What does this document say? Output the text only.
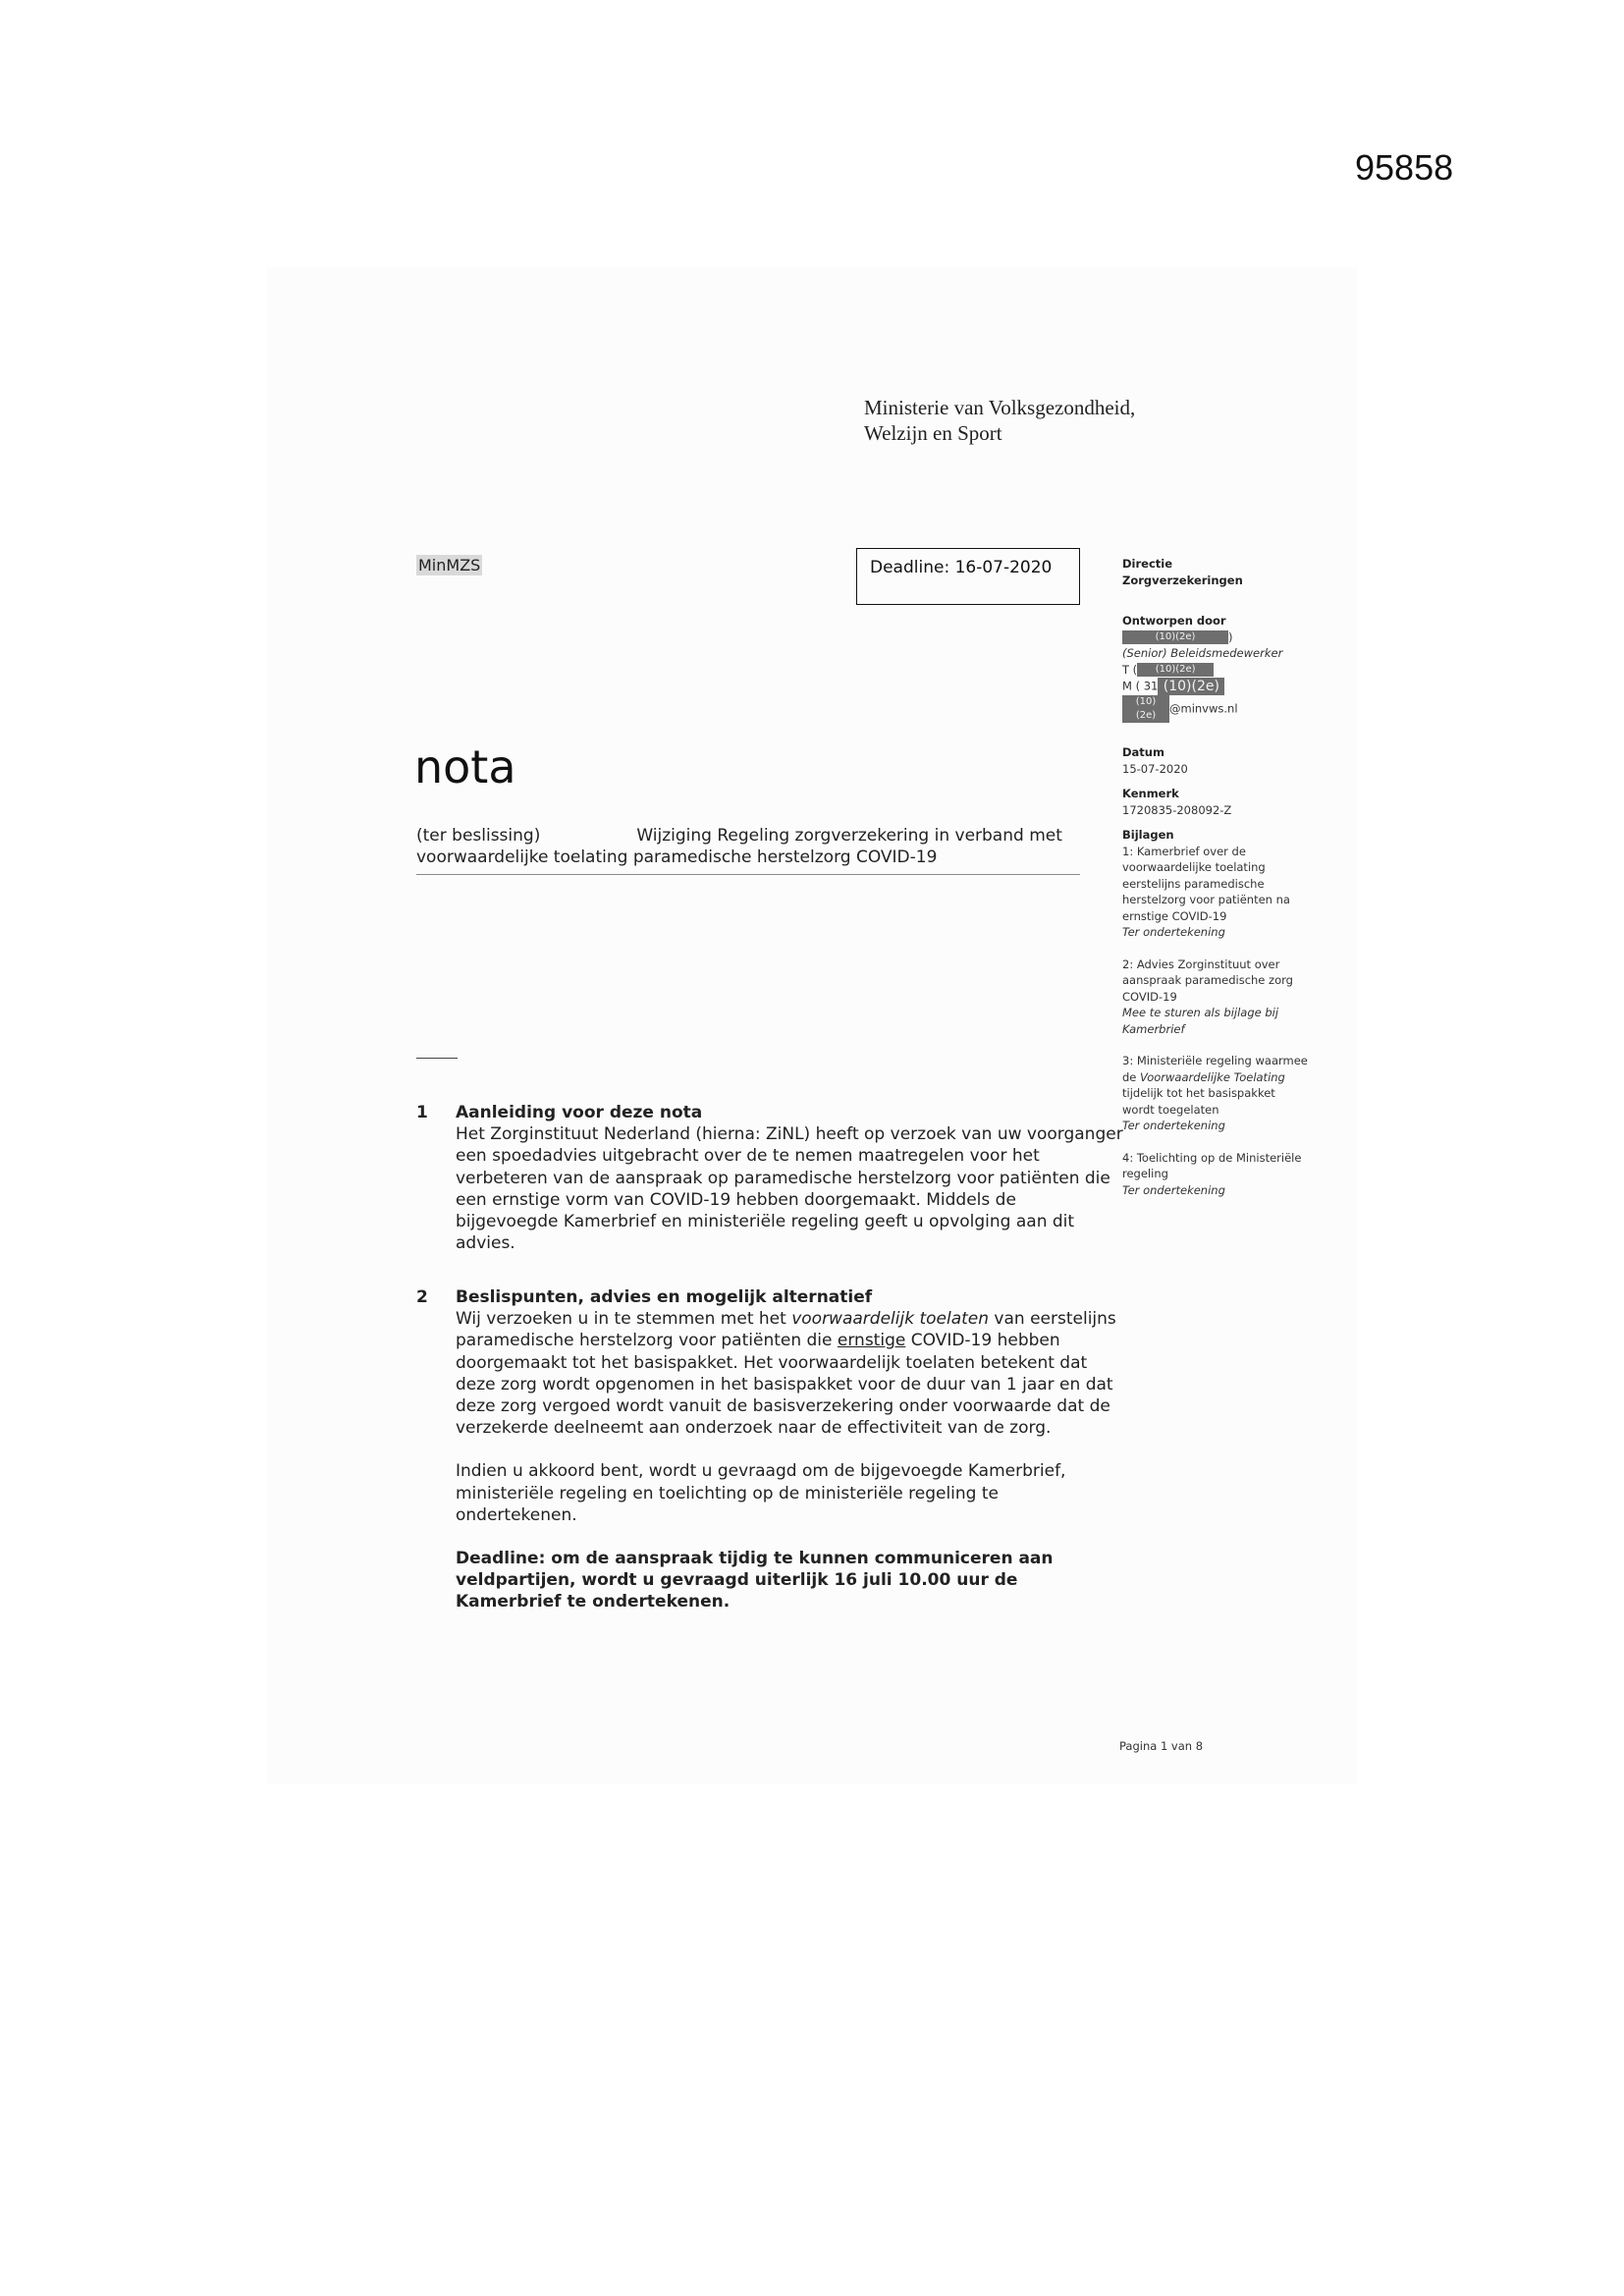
95858
Ministerie van Volksgezondheid,
Welzijn en Sport
MinMZS	Deadline: 16-07-2020
nota
(ter beslissing)	Wijziging Regeling zorgverzekering in verband met
voorwaardelijke toelating paramedische herstelzorg COVID-19
Directie
Zorgverzekeringen
Ontworpen door
(10)(2e)	)
(Senior) Beleidsmedewerker
T ( (10)(2e)
M ( 31 (10)(2e)
(10)(2e) @minvws.nl
Datum
15-07-2020
Kenmerk
1720835-208092-Z
Bijlagen
1: Kamerbrief over de voorwaardelijke toelating eerstelijns paramedische herstelzorg voor patiënten na ernstige COVID-19
Ter ondertekening
2: Advies Zorginstituut over aanspraak paramedische zorg COVID-19
Mee te sturen als bijlage bij Kamerbrief
3: Ministeriële regeling waarmee de Voorwaardelijke Toelating tijdelijk tot het basispakket wordt toegelaten
Ter ondertekening
4: Toelichting op de Ministeriële regeling
Ter ondertekening
1 Aanleiding voor deze nota

Het Zorginstituut Nederland (hierna: ZiNL) heeft op verzoek van uw voorganger een spoedadvies uitgebracht over de te nemen maatregelen voor het verbeteren van de aanspraak op paramedische herstelzorg voor patiënten die een ernstige vorm van COVID-19 hebben doorgemaakt. Middels de bijgevoegde Kamerbrief en ministeriële regeling geeft u opvolging aan dit advies.

2 Beslispunten, advies en mogelijk alternatief

Wij verzoeken u in te stemmen met het voorwaardelijk toelaten van eerstelijns paramedische herstelzorg voor patiënten die ernstige COVID-19 hebben doorgemaakt tot het basispakket. Het voorwaardelijk toelaten betekent dat deze zorg wordt opgenomen in het basispakket voor de duur van 1 jaar en dat deze zorg vergoed wordt vanuit de basisverzekering onder voorwaarde dat de verzekerde deelneemt aan onderzoek naar de effectiviteit van de zorg.

Indien u akkoord bent, wordt u gevraagd om de bijgevoegde Kamerbrief, ministeriële regeling en toelichting op de ministeriële regeling te ondertekenen.

Deadline: om de aanspraak tijdig te kunnen communiceren aan veldpartijen, wordt u gevraagd uiterlijk 16 juli 10.00 uur de Kamerbrief te ondertekenen.

Pagina 1 van 8
